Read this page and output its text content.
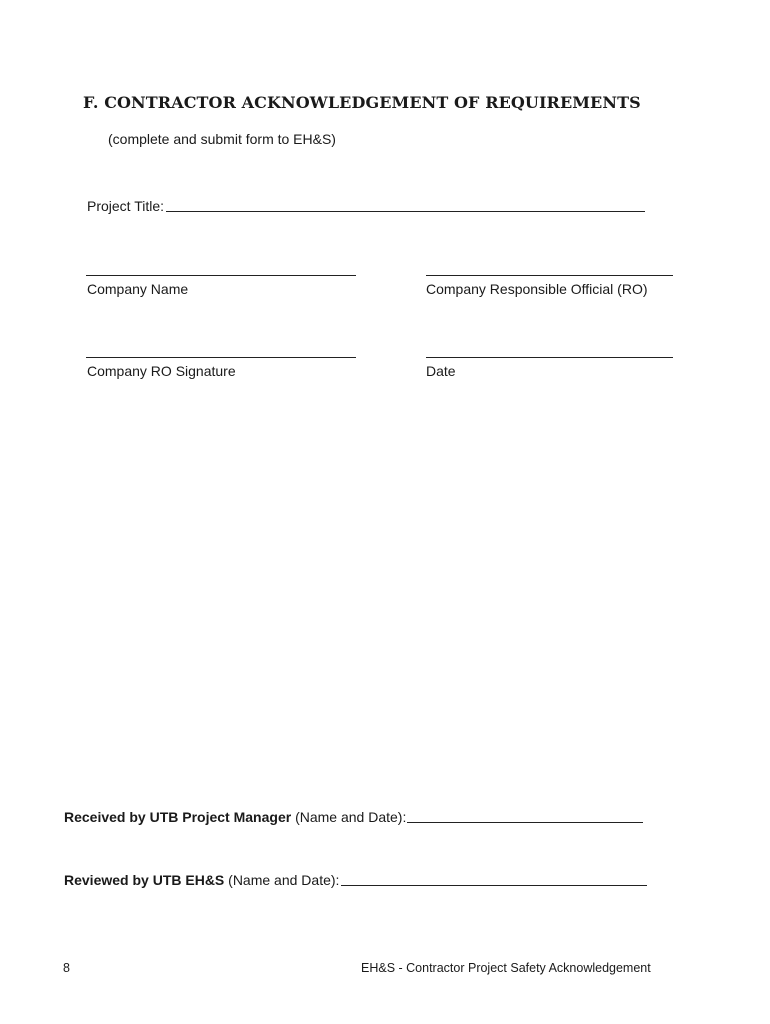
F. CONTRACTOR ACKNOWLEDGEMENT OF REQUIREMENTS
(complete and submit form to EH&S)
Project Title:
Company Name	Company Responsible Official (RO)
Company RO Signature	Date
Received by UTB Project Manager (Name and Date):
Reviewed by UTB EH&S (Name and Date):
8	EH&S - Contractor Project Safety Acknowledgement
